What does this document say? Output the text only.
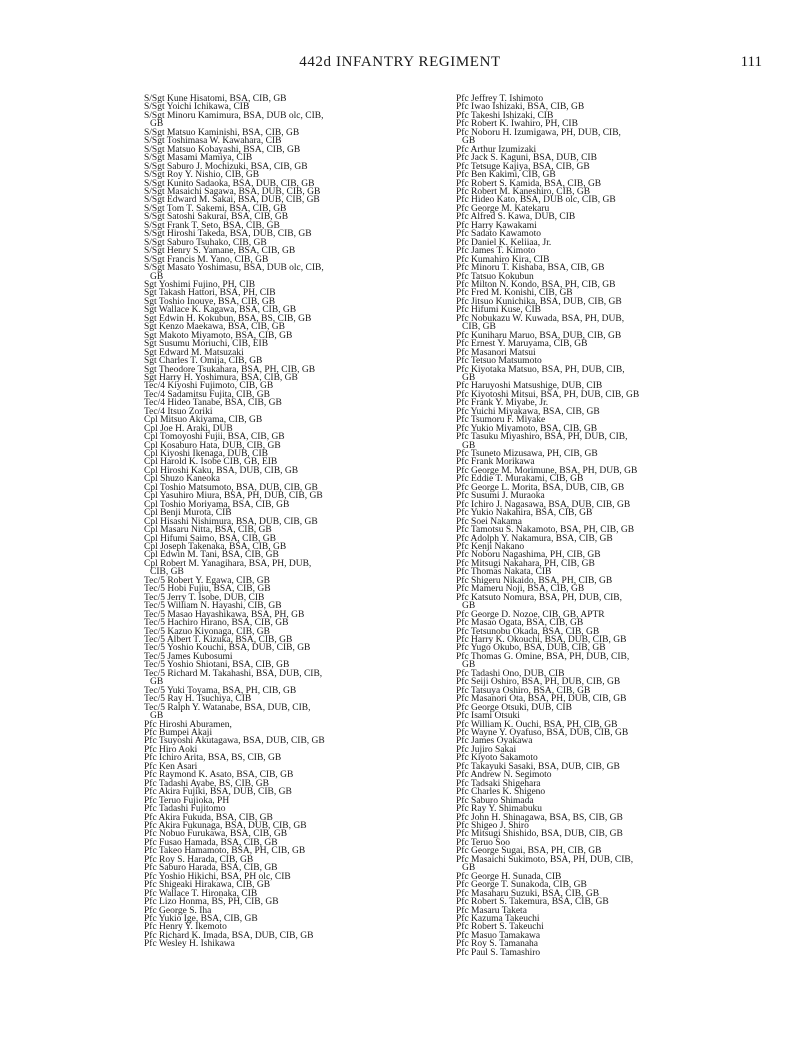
442d INFANTRY REGIMENT	111
S/Sgt Kune Hisatomi, BSA, CIB, GB
S/Sgt Yoichi Ichikawa, CIB
S/Sgt Minoru Kamimura, BSA, DUB olc, CIB,
GB
S/Sgt Matsuo Kaminishi, BSA, CIB, GB
S/Sgt Toshimasa W. Kawahara, CIB
S/Sgt Matsuo Kobayashi, BSA, CIB, GB
S/Sgt Masami Mamiya, CIB
S/Sgt Saburo J. Mochizuki, BSA, CIB, GB
S/Sgt Roy Y. Nishio, CIB, GB
S/Sgt Kunito Sadaoka, BSA, DUB, CIB, GB
S/Sgt Masaichi Sagawa, BSA, DUB, CIB, GB
S/Sgt Edward M. Sakai, BSA, DUB, CIB, GB
S/Sgt Tom T. Sakemi, BSA, CIB, GB
S/Sgt Satoshi Sakurai, BSA, CIB, GB
S/Sgt Frank T. Seto, BSA, CIB, GB
S/Sgt Hiroshi Takeda, BSA, DUB, CIB, GB
S/Sgt Saburo Tsuhako, CIB, GB
S/Sgt Henry S. Yamane, BSA, CIB, GB
S/Sgt Francis M. Yano, CIB, GB
S/Sgt Masato Yoshimasu, BSA, DUB olc, CIB,
GB
Sgt Yoshimi Fujino, PH, CIB
Sgt Takash Hattori, BSA, PH, CIB
Sgt Toshio Inouye, BSA, CIB, GB
Sgt Wallace K. Kagawa, BSA, CIB, GB
Sgt Edwin H. Kokubun, BSA, BS, CIB, GB
Sgt Kenzo Maekawa, BSA, CIB, GB
Sgt Makoto Miyamoto, BSA, CIB, GB
Sgt Susumu Moriuchi, CIB, EIB
Sgt Edward M. Matsuzaki
Sgt Charles T. Omija, CIB, GB
Sgt Theodore Tsukahara, BSA, PH, CIB, GB
Sgt Harry H. Yoshimura, BSA, CIB, GB
Tec/4 Kiyoshi Fujimoto, CIB, GB
Tec/4 Sadamitsu Fujita, CIB, GB
Tec/4 Hideo Tanabe, BSA, CIB, GB
Tec/4 Itsuo Zoriki
Cpl Mitsuo Akiyama, CIB, GB
Cpl Joe H. Araki, DUB
Cpl Tomoyoshi Fujii, BSA, CIB, GB
Cpl Kosaburo Hata, DUB, CIB, GB
Cpl Kiyoshi Ikenaga, DUB, CIB
Cpl Harold K. Isobe CIB, GB, EIB
Cpl Hiroshi Kaku, BSA, DUB, CIB, GB
Cpl Shuzo Kaneoka
Cpl Toshio Matsumoto, BSA, DUB, CIB, GB
Cpl Yasuhiro Miura, BSA, PH, DUB, CIB, GB
Cpl Toshio Moriyama, BSA, CIB, GB
Cpl Benji Murota, CIB
Cpl Hisashi Nishimura, BSA, DUB, CIB, GB
Cpl Masaru Nitta, BSA, CIB, GB
Cpl Hifumi Saimo, BSA, CIB, GB
Cpl Joseph Takenaka, BSA, CIB, GB
Cpl Edwin M. Tani, BSA, CIB, GB
Cpl Robert M. Yanagihara, BSA, PH, DUB,
CIB, GB
Tec/5 Robert Y. Egawa, CIB, GB
Tec/5 Hobi Fujiu, BSA, CIB, GB
Tec/5 Jerry T. Isobe, DUB, CIB
Tec/5 William N. Hayashi, CIB, GB
Tec/5 Masao Hayashikawa, BSA, PH, GB
Tec/5 Hachiro Hirano, BSA, CIB, GB
Tec/5 Kazuo Kiyonaga, CIB, GB
Tec/5 Albert T. Kizuka, BSA, CIB, GB
Tec/5 Yoshio Kouchi, BSA, DUB, CIB, GB
Tec/5 James Kubosumi
Tec/5 Yoshio Shiotani, BSA, CIB, GB
Tec/5 Richard M. Takahashi, BSA, DUB, CIB,
GB
Tec/5 Yuki Toyama, BSA, PH, CIB, GB
Tec/5 Ray H. Tsuchiya, CIB
Tec/5 Ralph Y. Watanabe, BSA, DUB, CIB,
GB
Pfc Hiroshi Aburamen,
Pfc Bumpei Akaji
Pfc Tsuyoshi Akutagawa, BSA, DUB, CIB, GB
Pfc Hiro Aoki
Pfc Ichiro Arita, BSA, BS, CIB, GB
Pfc Ken Asari
Pfc Raymond K. Asato, BSA, CIB, GB
Pfc Tadashi Ayabe, BS, CIB, GB
Pfc Akira Fujiki, BSA, DUB, CIB, GB
Pfc Teruo Fujioka, PH
Pfc Tadashi Fujitomo
Pfc Akira Fukuda, BSA, CIB, GB
Pfc Akira Fukunaga, BSA, DUB, CIB, GB
Pfc Nobuo Furukawa, BSA, CIB, GB
Pfc Fusao Hamada, BSA, CIB, GB
Pfc Takeo Hamamoto, BSA, PH, CIB, GB
Pfc Roy S. Harada, CIB, GB
Pfc Saburo Harada, BSA, CIB, GB
Pfc Yoshio Hikichi, BSA, PH olc, CIB
Pfc Shigeaki Hirakawa, CIB, GB
Pfc Wallace T. Hironaka, CIB
Pfc Lizo Honma, BS, PH, CIB, GB
Pfc George S. Iha
Pfc Yukio Ige, BSA, CIB, GB
Pfc Henry Y. Ikemoto
Pfc Richard K. Imada, BSA, DUB, CIB, GB
Pfc Wesley H. Ishikawa
Pfc Jeffrey T. Ishimoto
Pfc Iwao Ishizaki, BSA, CIB, GB
Pfc Takeshi Ishizaki, CIB
Pfc Robert K. Iwahiro, PH, CIB
Pfc Noboru H. Izumigawa, PH, DUB, CIB,
GB
Pfc Arthur Izumizaki
Pfc Jack S. Kaguni, BSA, DUB, CIB
Pfc Tetsuge Kajiya, BSA, CIB, GB
Pfc Ben Kakimi, CIB, GB
Pfc Robert S. Kamida, BSA, CIB, GB
Pfc Robert M. Kaneshiro, CIB, GB
Pfc Hideo Kato, BSA, DUB olc, CIB, GB
Pfc George M. Katekaru
Pfc Alfred S. Kawa, DUB, CIB
Pfc Harry Kawakami
Pfc Sadato Kawamoto
Pfc Daniel K. Keliiaa, Jr.
Pfc James T. Kimoto
Pfc Kumahiro Kira, CIB
Pfc Minoru T. Kishaba, BSA, CIB, GB
Pfc Tatsuo Kokubun
Pfc Milton N. Kondo, BSA, PH, CIB, GB
Pfc Fred M. Konishi, CIB, GB
Pfc Jitsuo Kunichika, BSA, DUB, CIB, GB
Pfc Hifumi Kuse, CIB
Pfc Nobukazu W. Kuwada, BSA, PH, DUB,
CIB, GB
Pfc Kuniharu Maruo, BSA, DUB, CIB, GB
Pfc Ernest Y. Maruyama, CIB, GB
Pfc Masanori Matsui
Pfc Tetsuo Matsumoto
Pfc Kiyotaka Matsuo, BSA, PH, DUB, CIB,
GB
Pfc Haruyoshi Matsushige, DUB, CIB
Pfc Kiyotoshi Mitsui, BSA, PH, DUB, CIB, GB
Pfc Frank Y. Miyabe, Jr.
Pfc Yuichi Miyakawa, BSA, CIB, GB
Pfc Tsumoru F. Miyake
Pfc Yukio Miyamoto, BSA, CIB, GB
Pfc Tasuku Miyashiro, BSA, PH, DUB, CIB,
GB
Pfc Tsuneto Mizusawa, PH, CIB, GB
Pfc Frank Morikawa
Pfc George M. Morimune, BSA, PH, DUB, GB
Pfc Eddie T. Murakami, CIB, GB
Pfc George L. Morita, BSA, DUB, CIB, GB
Pfc Susumi J. Muraoka
Pfc Ichiro J. Nagasawa, BSA, DUB, CIB, GB
Pfc Yukio Nakahira, BSA, CIB, GB
Pfc Soei Nakama
Pfc Tamotsu S. Nakamoto, BSA, PH, CIB, GB
Pfc Adolph Y. Nakamura, BSA, CIB, GB
Pfc Kenji Nakano
Pfc Noboru Nagashima, PH, CIB, GB
Pfc Mitsugi Nakahara, PH, CIB, GB
Pfc Thomas Nakata, CIB
Pfc Shigeru Nikaido, BSA, PH, CIB, GB
Pfc Mameru Noji, BSA, CIB, GB
Pfc Katsuto Nomura, BSA, PH, DUB, CIB,
GB
Pfc George D. Nozoe, CIB, GB, APTR
Pfc Masao Ogata, BSA, CIB, GB
Pfc Tetsunobu Okada, BSA, CIB, GB
Pfc Harry K. Okouchi, BSA, DUB, CIB, GB
Pfc Yugo Okubo, BSA, DUB, CIB, GB
Pfc Thomas G. Omine, BSA, PH, DUB, CIB,
GB
Pfc Tadashi Ono, DUB, CIB
Pfc Seiji Oshiro, BSA, PH, DUB, CIB, GB
Pfc Tatsuya Oshiro, BSA, CIB, GB
Pfc Masanori Ota, BSA, PH, DUB, CIB, GB
Pfc George Otsuki, DUB, CIB
Pfc Isami Otsuki
Pfc William K. Ouchi, BSA, PH, CIB, GB
Pfc Wayne Y. Oyafuso, BSA, DUB, CIB, GB
Pfc James Oyakawa
Pfc Jujiro Sakai
Pfc Kiyoto Sakamoto
Pfc Takayuki Sasaki, BSA, DUB, CIB, GB
Pfc Andrew N. Segimoto
Pfc Tadsaki Shigehara
Pfc Charles K. Shigeno
Pfc Saburo Shimada
Pfc Ray Y. Shimabuku
Pfc John H. Shinagawa, BSA, BS, CIB, GB
Pfc Shigeo J. Shiro
Pfc Mitsugi Shishido, BSA, DUB, CIB, GB
Pfc Teruo Soo
Pfc George Sugai, BSA, PH, CIB, GB
Pfc Masaichi Sukimoto, BSA, PH, DUB, CIB,
GB
Pfc George H. Sunada, CIB
Pfc George T. Sunakoda, CIB, GB
Pfc Masaharu Suzuki, BSA, CIB, GB
Pfc Robert S. Takemura, BSA, CIB, GB
Pfc Masaru Taketa
Pfc Kazuma Takeuchi
Pfc Robert S. Takeuchi
Pfc Masuo Tamakawa
Pfc Roy S. Tamanaha
Pfc Paul S. Tamashiro
